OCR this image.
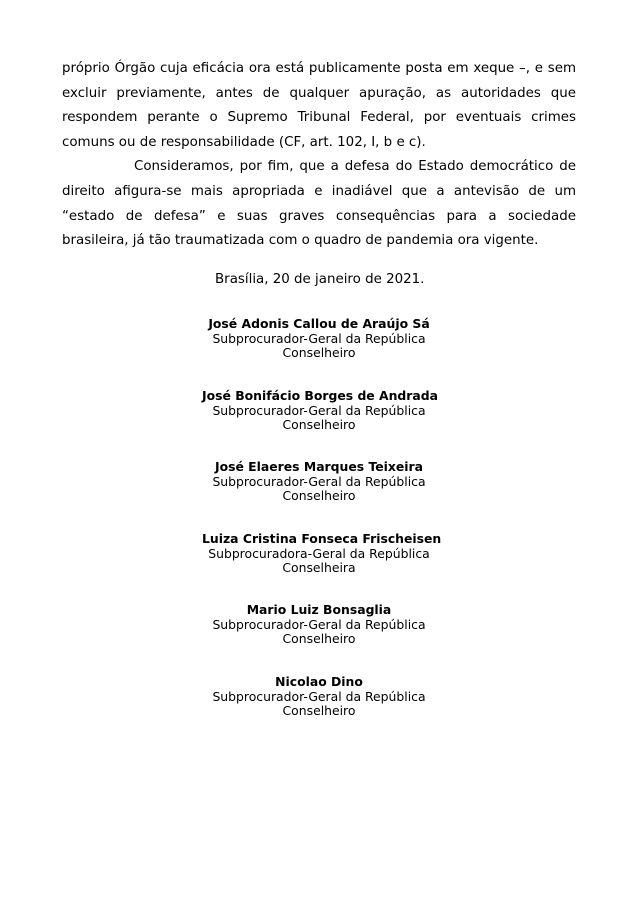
próprio Órgão cuja eficácia ora está publicamente posta em xeque –, e sem excluir previamente, antes de qualquer apuração, as autoridades que respondem perante o Supremo Tribunal Federal, por eventuais crimes comuns ou de responsabilidade (CF, art. 102, I, b e c).

Consideramos, por fim, que a defesa do Estado democrático de direito afigura-se mais apropriada e inadiável que a antevisão de um “estado de defesa” e suas graves consequências para a sociedade brasileira, já tão traumatizada com o quadro de pandemia ora vigente.

Brasília, 20 de janeiro de 2021.
José Adonis Callou de Araújo Sá
Subprocurador-Geral da República
Conselheiro
José Bonifácio Borges de Andrada
Subprocurador-Geral da República
Conselheiro
José Elaeres Marques Teixeira
Subprocurador-Geral da República
Conselheiro
Luiza Cristina Fonseca Frischeisen
Subprocuradora-Geral da República
Conselheira
Mario Luiz Bonsaglia
Subprocurador-Geral da República
Conselheiro
Nicolao Dino
Subprocurador-Geral da República
Conselheiro
